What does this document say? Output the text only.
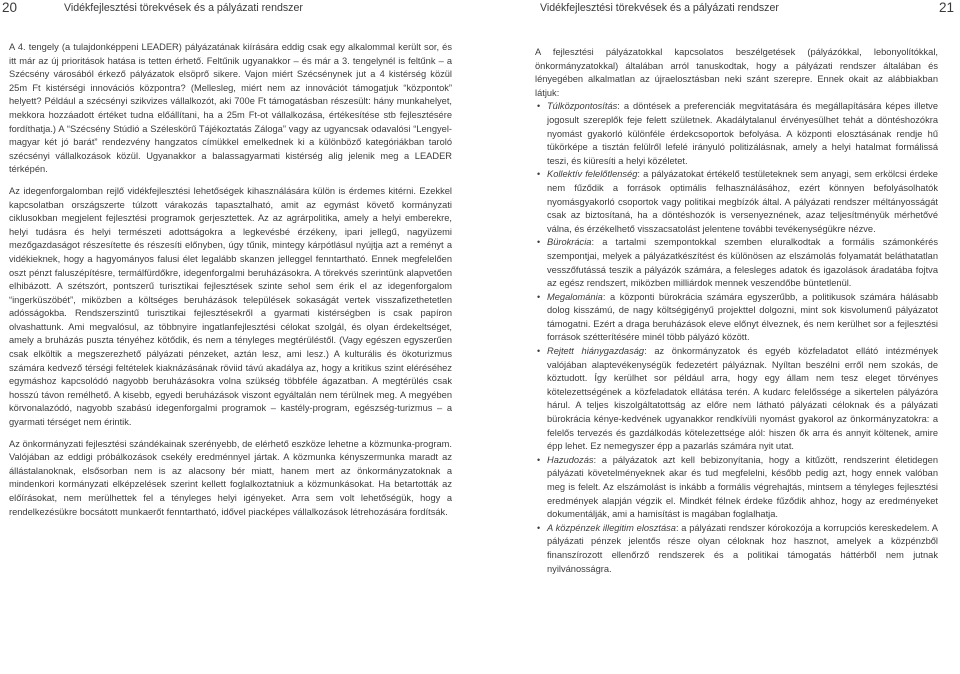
20	Vidékfejlesztési törekvések és a pályázati rendszer

A 4. tengely (a tulajdonképpeni LEADER) pályázatának kiírására eddig csak egy alkalommal került sor, és itt már az új prioritások hatása is tetten érhető. Feltűnik ugyanakkor – és már a 3. tengelynél is feltűnk – a Szécsény városából érkező pályázatok elsöprő sikere. Vajon miért Szécsénynek jut a 4 kistérség közül 25m Ft kistérségi innovációs központra? (Mellesleg, miért nem az innovációt támogatjuk “központok” helyett? Például a szécsényi szikvizes vállalkozót, aki 700e Ft támogatásban részesült: hány munkahelyet, mekkora hozzáadott értéket tudna előállítani, ha a 25m Ft-ot vállalkozása, értékesítése stb fejlesztésére fordíthatja.) A “Szécsény Stúdió a Széleskörű Tájékoztatás Záloga” vagy az ugyancsak odavalósi “Lengyel-magyar két jó barát” rendezvény hangzatos címükkel emelkednek ki a különböző kategóriákban taroló szécsényi vállalkozások közül. Ugyanakkor a balassagyarmati kistérség alig jelenik meg a LEADER térképén.

Az idegenforgalomban rejlő vidékfejlesztési lehetőségek kihasználására külön is érdemes kitérni. Ezekkel kapcsolatban országszerte túlzott várakozás tapasztalható, amit az egymást követő kormányzati ciklusokban megjelent fejlesztési programok gerjesztettek. Az az agrárpolitika, amely a helyi emberekre, helyi tudásra és helyi természeti adottságokra a legkevésbé érzékeny, ipari jellegű, nagyüzemi mezőgazdaságot részesítette és részesíti előnyben, úgy tűnik, mintegy kárpótlásul nyújtja azt a reményt a vidékieknek, hogy a hagyományos falusi élet legalább skanzen jelleggel fenntartható. Ennek megfelelően oszt pénzt faluszépítésre, termálfürdőkre, idegenforgalmi beruházásokra. A törekvés szerintünk alapvetően elhibázott. A szétszórt, pontszerű turisztikai fejlesztések szinte sehol sem érik el az idegenforgalom “ingerküszöbét”, miközben a költséges beruházások települések sokaságát vertek visszafizethetetlen adósságokba. Rendszerszintű turisztikai fejlesztésekről a gyarmati kistérségben is csak papíron olvashattunk. Ami megvalósul, az többnyire ingatlanfejlesztési célokat szolgál, és olyan érdekeltséget, amely a bruházás puszta tényéhez kötődik, és nem a tényleges megtérüléstől. (Vagy egészen egyszerűen csak elköltik a megszerezhető pályázati pénzeket, aztán lesz, ami lesz.) A kulturális és ökoturizmus számára kedvező térségi feltételek kiaknázásának röviid távú akadálya az, hogy a kritikus szint eléréséhez egymáshoz kapcsolódó nagyobb beruházásokra volna szükség többféle ágazatban. A megtérülés csak hosszú távon remélhető. A kisebb, egyedi beruházások viszont egyáltalán nem térülnek meg. A megyében körvonalazódó, nagyobb szabású idegenforgalmi programok – kastély-program, egészség-turizmus – a gyarmati térséget nem érintik.

Az önkormányzati fejlesztési szándékainak szerényebb, de elérhető eszköze lehetne a közmunka-program. Valójában az eddigi próbálkozások csekély eredménnyel jártak. A közmunka kényszermunka maradt az állástalanoknak, elsősorban nem is az alacsony bér miatt, hanem mert az önkormányzatoknak a mindenkori kormányzati elképzelések szerint kellett foglalkoztatniuk a közmunkásokat. Ha betartották az előírásokat, nem merülhettek fel a tényleges helyi igényeket. Arra sem volt lehetőségük, hogy a rendelkezésükre bocsátott munkaerőt fenntartható, idővel piacképes vállalkozások létrehozására fordítsák.

Vidékfejlesztési törekvések és a pályázati rendszer	21

A fejlesztési pályázatokkal kapcsolatos beszélgetések (pályázókkal, lebonyolítókkal, önkormányzatokkal) általában arról tanuskodtak, hogy a pályázati rendszer általában és lényegében alkalmatlan az újraelosztásban neki szánt szerepre. Ennek okait az alábbiakban látjuk:

• Túlközpontosítás: a döntések a preferenciák megvitatására és megállapítására képes illetve jogosult szereplők feje felett születnek. Akadálytalanul érvényesülhet tehát a döntéshozókra nyomást gyakorló különféle érdekcsoportok befolyása. A központi elosztásának rendje hű tükörképe a tisztán felülről lefelé irányuló politizálásnak, amely a helyi hatalmat formálissá teszi, és kiüresíti a helyi közéletet.
• Kollektív felelőtlenség: a pályázatokat értékelő testületeknek sem anyagi, sem erkölcsi érdeke nem fűződik a források optimális felhasználásához, ezért könnyen befolyásolhatók nyomásgyakorló csoportok vagy politikai megbízók által. A pályázati rendszer méltányosságát csak az biztosítaná, ha a döntéshozók is versenyeznének, azaz teljesítményük mérhetővé válna, és érzékelhető visszacsatolást jelentene további tevékenységükre nézve.
• Bürokrácia: a tartalmi szempontokkal szemben eluralkodtak a formális számonkérés szempontjai, melyek a pályázatkészítést és különösen az elszámolás folyamatát beláthatatlan vesszőfutássá teszik a pályázók számára, a felesleges adatok és igazolások áradatába fojtva az egész rendszert, miközben milliárdok mennek veszendőbe büntetlenül.
• Megalománia: a központi bürokrácia számára egyszerűbb, a politikusok számára hálásabb dolog kisszámú, de nagy költségigényű projekttel dolgozni, mint sok kisvolumenű pályázatot támogatni. Ezért a draga beruházások eleve előnyt élveznek, és nem kerülhet sor a fejlesztési források szétterítésére minél több pályázó között.
• Rejtett hiánygazdaság: az önkormányzatok és egyéb közfeladatot ellátó intézmények valójában alaptevékenységük fedezetért pályáznak. Nyíltan beszélni erről nem szokás, de köztudott. Így kerülhet sor például arra, hogy egy állam nem tesz eleget törvényes kötelezettségének a közfeladatok ellátása terén. A kudarc felelőssége a sikertelen pályázóra hárul. A teljes kiszolgáltatottság az előre nem látható pályázati céloknak és a pályázati bürokrácia kénye-kedvének ugyanakkor rendkívüli nyomást gyakorol az önkormányzatokra: a felelős tervezés és gazdálkodás kötelezettsége alól: hiszen ők arra és annyit költenek, amire épp lehet. Ez nemegyszer épp a pazarlás számára nyit utat.
• Hazudozás: a pályázatok azt kell bebizonyítania, hogy a kitűzött, rendszerint életidegen pályázati követelményeknek akar és tud megfelelni, később pedig azt, hogy ennek valóban meg is felelt. Az elszámolást is inkább a formális végrehajtás, mintsem a tényleges fejlesztési eredmények alapján végzik el. Mindkét félnek érdeke fűződik ahhoz, hogy az eredményeket dokumentálják, ami a hamisítást is magában foglalhatja.
• A közpénzek illegitim elosztása: a pályázati rendszer kórokozója a korrupciós kereskedelem. A pályázati pénzek jelentős része olyan céloknak hoz hasznot, amelyek a közpénzből finanszírozott ellenőrző rendszerek és a politikai támogatás háttérből nem jutnak nyilvánosságra.
